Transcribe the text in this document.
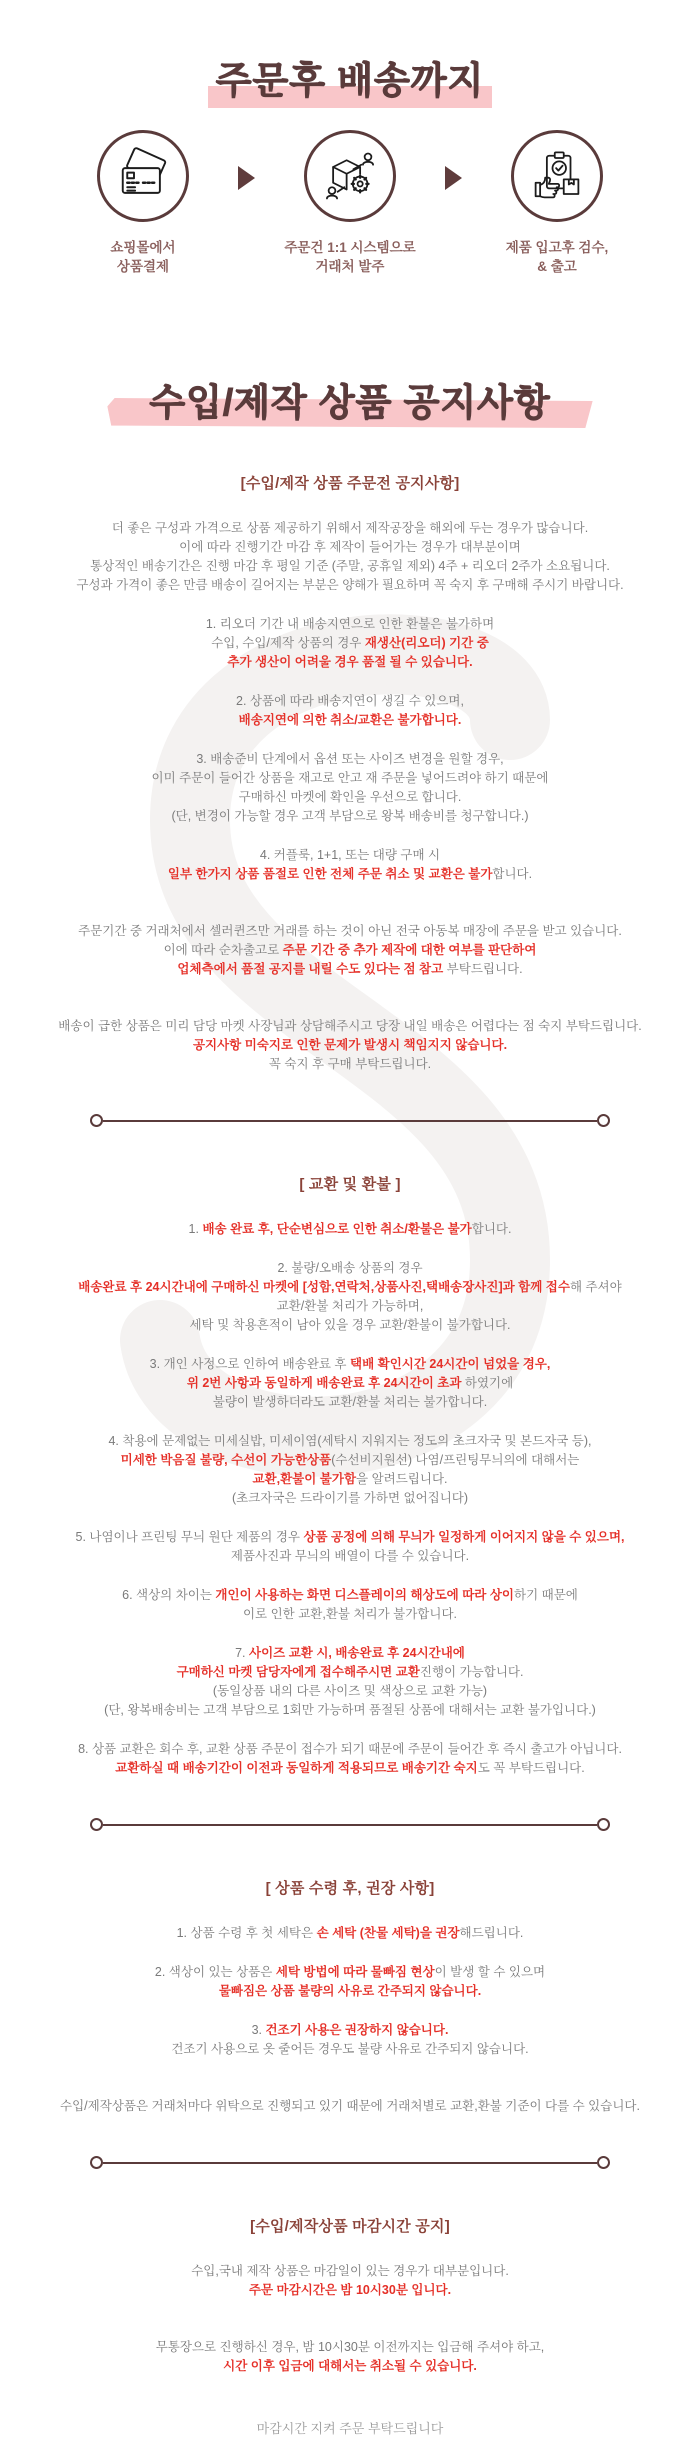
주문후 배송까지
쇼핑몰에서
상품결제
주문건 1:1 시스템으로
거래처 발주
제품 입고후 검수,
& 출고
수입/제작 상품 공지사항
[수입/제작 상품 주문전 공지사항]

더 좋은 구성과 가격으로 상품 제공하기 위해서 제작공장을 해외에 두는 경우가 많습니다.
이에 따라 진행기간 마감 후 제작이 들어가는 경우가 대부분이며
통상적인 배송기간은 진행 마감 후 평일 기준 (주말, 공휴일 제외) 4주 + 리오더 2주가 소요됩니다.
구성과 가격이 좋은 만큼 배송이 길어지는 부분은 양해가 필요하며 꼭 숙지 후 구매해 주시기 바랍니다.

1. 리오더 기간 내 배송지연으로 인한 환불은 불가하며
수입, 수입/제작 상품의 경우 재생산(리오더) 기간 중
추가 생산이 어려울 경우 품절 될 수 있습니다.

2. 상품에 따라 배송지연이 생길 수 있으며,
배송지연에 의한 취소/교환은 불가합니다.

3. 배송준비 단계에서 옵션 또는 사이즈 변경을 원할 경우,
이미 주문이 들어간 상품을 재고로 안고 재 주문을 넣어드려야 하기 때문에
구매하신 마켓에 확인을 우선으로 합니다.
(단, 변경이 가능할 경우 고객 부담으로 왕복 배송비를 청구합니다.)

4. 커플룩, 1+1, 또는 대량 구매 시
일부 한가지 상품 품절로 인한 전체 주문 취소 및 교환은 불가합니다.

주문기간 중 거래처에서 셀러퀸즈만 거래를 하는 것이 아닌 전국 아동복 매장에 주문을 받고 있습니다.
이에 따라 순차출고로 주문 기간 중 추가 제작에 대한 여부를 판단하여
업체측에서 품절 공지를 내릴 수도 있다는 점 참고 부탁드립니다.

배송이 급한 상품은 미리 담당 마켓 사장님과 상담해주시고 당장 내일 배송은 어렵다는 점 숙지 부탁드립니다.
공지사항 미숙지로 인한 문제가 발생시 책임지지 않습니다.
꼭 숙지 후 구매 부탁드립니다.

[ 교환 및 환불 ]

1. 배송 완료 후, 단순변심으로 인한 취소/환불은 불가합니다.

2. 불량/오배송 상품의 경우
배송완료 후 24시간내에 구매하신 마켓에 [성함,연락처,상품사진,택배송장사진]과 함께 접수해 주셔야
교환/환불 처리가 가능하며,
세탁 및 착용흔적이 남아 있을 경우 교환/환불이 불가합니다.

3. 개인 사정으로 인하여 배송완료 후 택배 확인시간 24시간이 넘었을 경우,
위 2번 사항과 동일하게 배송완료 후 24시간이 초과 하였기에
불량이 발생하더라도 교환/환불 처리는 불가합니다.

4. 착용에 문제없는 미세실밥, 미세이염(세탁시 지워지는 정도의 초크자국 및 본드자국 등),
미세한 박음질 불량, 수선이 가능한상품(수선비지원선) 나염/프린팅무늬의에 대해서는
교환,환불이 불가함을 알려드립니다.
(초크자국은 드라이기를 가하면 없어집니다)

5. 나염이나 프린팅 무늬 원단 제품의 경우 상품 공정에 의해 무늬가 일정하게 이어지지 않을 수 있으며,
제품사진과 무늬의 배열이 다를 수 있습니다.

6. 색상의 차이는 개인이 사용하는 화면 디스플레이의 해상도에 따라 상이하기 때문에
이로 인한 교환,환불 처리가 불가합니다.

7. 사이즈 교환 시, 배송완료 후 24시간내에
구매하신 마켓 담당자에게 접수해주시면 교환진행이 가능합니다.
(동일상품 내의 다른 사이즈 및 색상으로 교환 가능)
(단, 왕복배송비는 고객 부담으로 1회만 가능하며 품절된 상품에 대해서는 교환 불가입니다.)

8. 상품 교환은 회수 후, 교환 상품 주문이 접수가 되기 때문에 주문이 들어간 후 즉시 출고가 아닙니다.
교환하실 때 배송기간이 이전과 동일하게 적용되므로 배송기간 숙지도 꼭 부탁드립니다.

[ 상품 수령 후, 권장 사항]

1. 상품 수령 후 첫 세탁은 손 세탁 (찬물 세탁)을 권장해드립니다.

2. 색상이 있는 상품은 세탁 방법에 따라 물빠짐 현상이 발생 할 수 있으며
물빠짐은 상품 불량의 사유로 간주되지 않습니다.

3. 건조기 사용은 권장하지 않습니다.
건조기 사용으로 옷 줄어든 경우도 불량 사유로 간주되지 않습니다.

수입/제작상품은 거래처마다 위탁으로 진행되고 있기 때문에 거래처별로 교환,환불 기준이 다를 수 있습니다.

[수입/제작상품 마감시간 공지]

수입,국내 제작 상품은 마감일이 있는 경우가 대부분입니다.
주문 마감시간은 밤 10시30분 입니다.

무통장으로 진행하신 경우, 밤 10시30분 이전까지는 입금해 주셔야 하고,
시간 이후 입금에 대해서는 취소될 수 있습니다.

마감시간 지켜 주문 부탁드립니다
